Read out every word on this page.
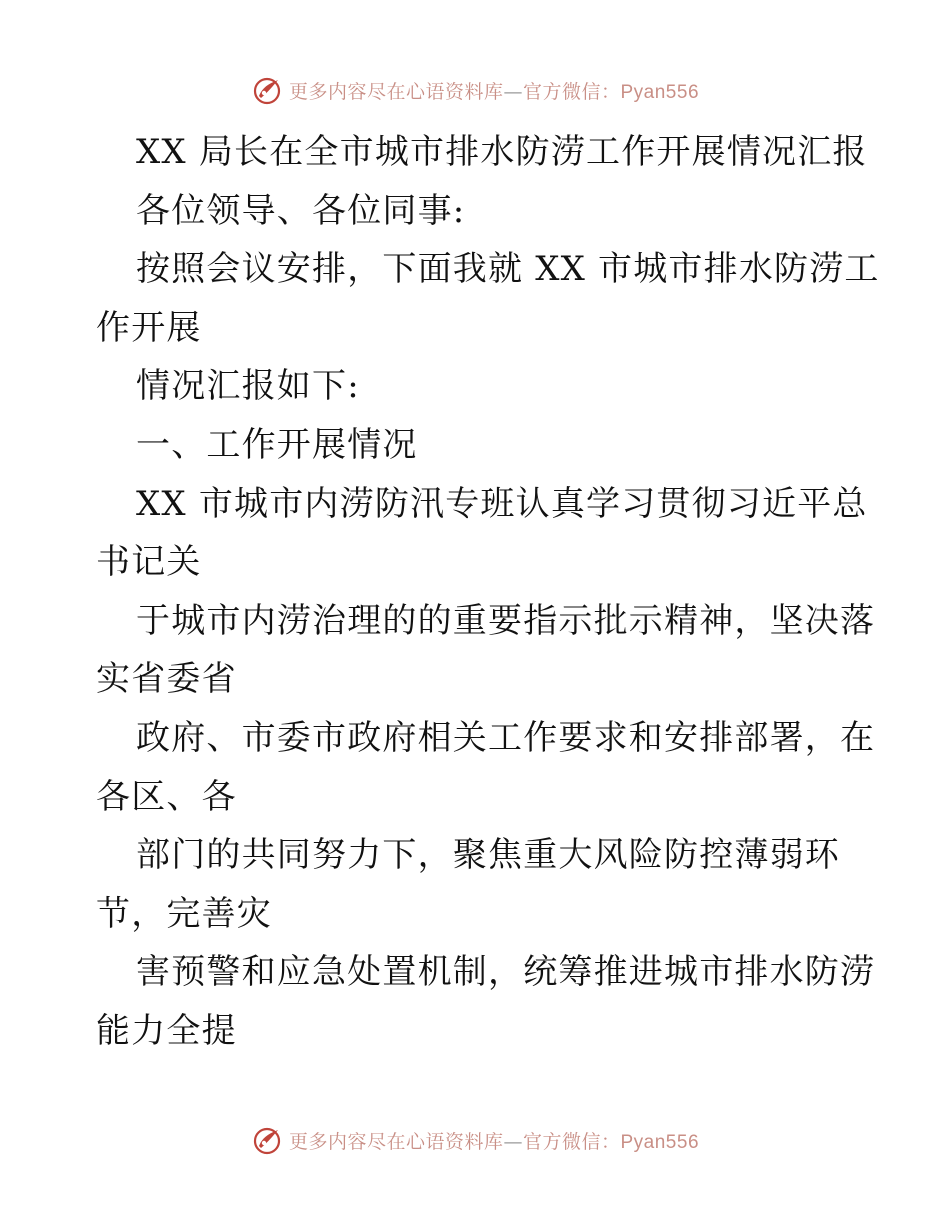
更多内容尽在心语资料库—官方微信：Pyan556
XX 局长在全市城市排水防涝工作开展情况汇报
各位领导、各位同事:
按照会议安排，下面我就 XX 市城市排水防涝工
作开展
情况汇报如下:
一、工作开展情况
XX 市城市内涝防汛专班认真学习贯彻习近平总
书记关
于城市内涝治理的的重要指示批示精神，坚决落
实省委省
政府、市委市政府相关工作要求和安排部署，在
各区、各
部门的共同努力下，聚焦重大风险防控薄弱环
节，完善灾
害预警和应急处置机制，统筹推进城市排水防涝
能力全提
更多内容尽在心语资料库—官方微信：Pyan556
